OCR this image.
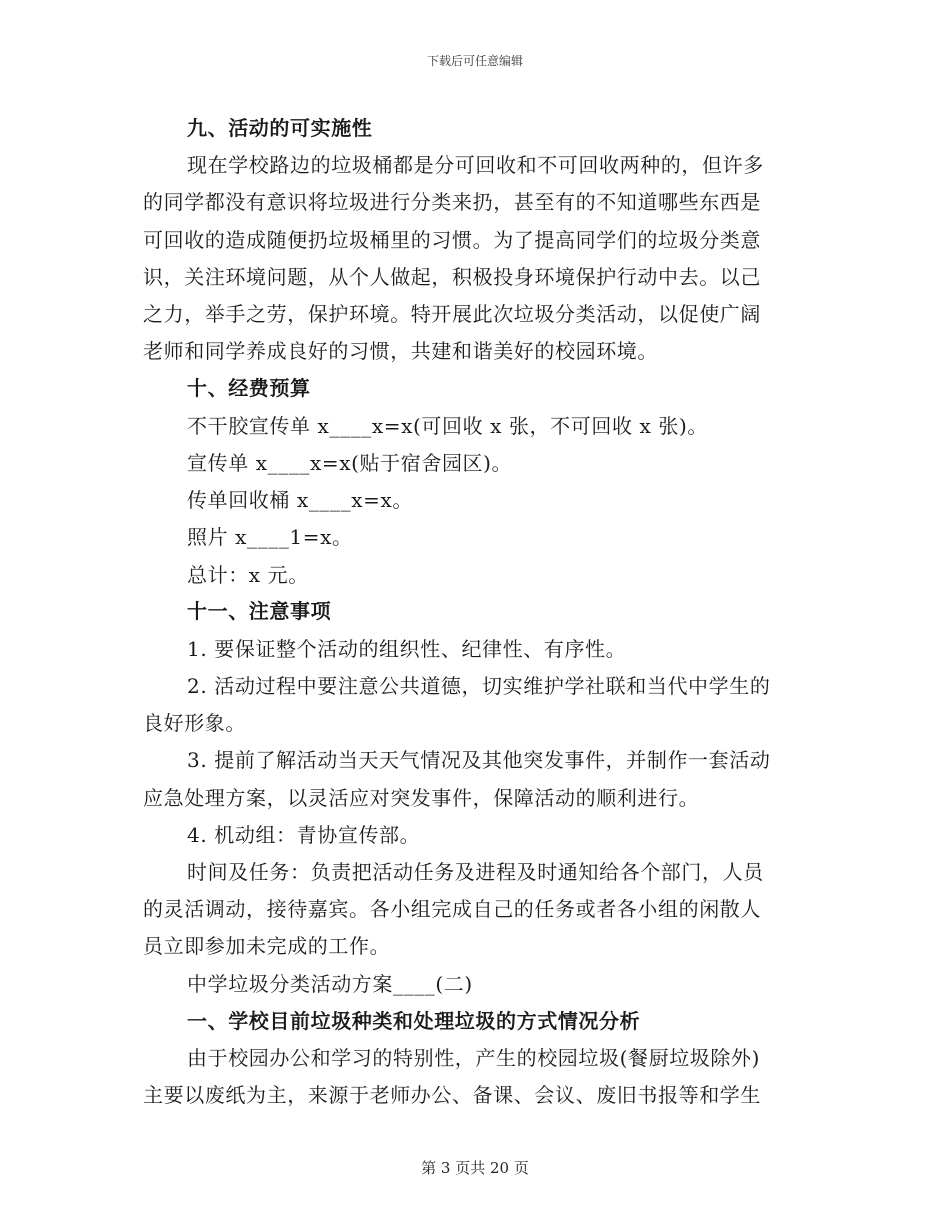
下载后可任意编辑
九、活动的可实施性
现在学校路边的垃圾桶都是分可回收和不可回收两种的，但许多
的同学都没有意识将垃圾进行分类来扔，甚至有的不知道哪些东西是
可回收的造成随便扔垃圾桶里的习惯。为了提高同学们的垃圾分类意
识，关注环境问题，从个人做起，积极投身环境保护行动中去。以己
之力，举手之劳，保护环境。特开展此次垃圾分类活动，以促使广阔
老师和同学养成良好的习惯，共建和谐美好的校园环境。
十、经费预算
不干胶宣传单 x____x=x(可回收 x 张，不可回收 x 张)。
宣传单 x____x=x(贴于宿舍园区)。
传单回收桶 x____x=x。
照片 x____1=x。
总计：x 元。
十一、注意事项
1. 要保证整个活动的组织性、纪律性、有序性。
2. 活动过程中要注意公共道德，切实维护学社联和当代中学生的
良好形象。
3. 提前了解活动当天天气情况及其他突发事件，并制作一套活动
应急处理方案，以灵活应对突发事件，保障活动的顺利进行。
4. 机动组：青协宣传部。
时间及任务：负责把活动任务及进程及时通知给各个部门，人员
的灵活调动，接待嘉宾。各小组完成自己的任务或者各小组的闲散人
员立即参加未完成的工作。
中学垃圾分类活动方案____(二)
一、学校目前垃圾种类和处理垃圾的方式情况分析
由于校园办公和学习的特别性，产生的校园垃圾(餐厨垃圾除外)
主要以废纸为主，来源于老师办公、备课、会议、废旧书报等和学生
第 3 页共 20 页
